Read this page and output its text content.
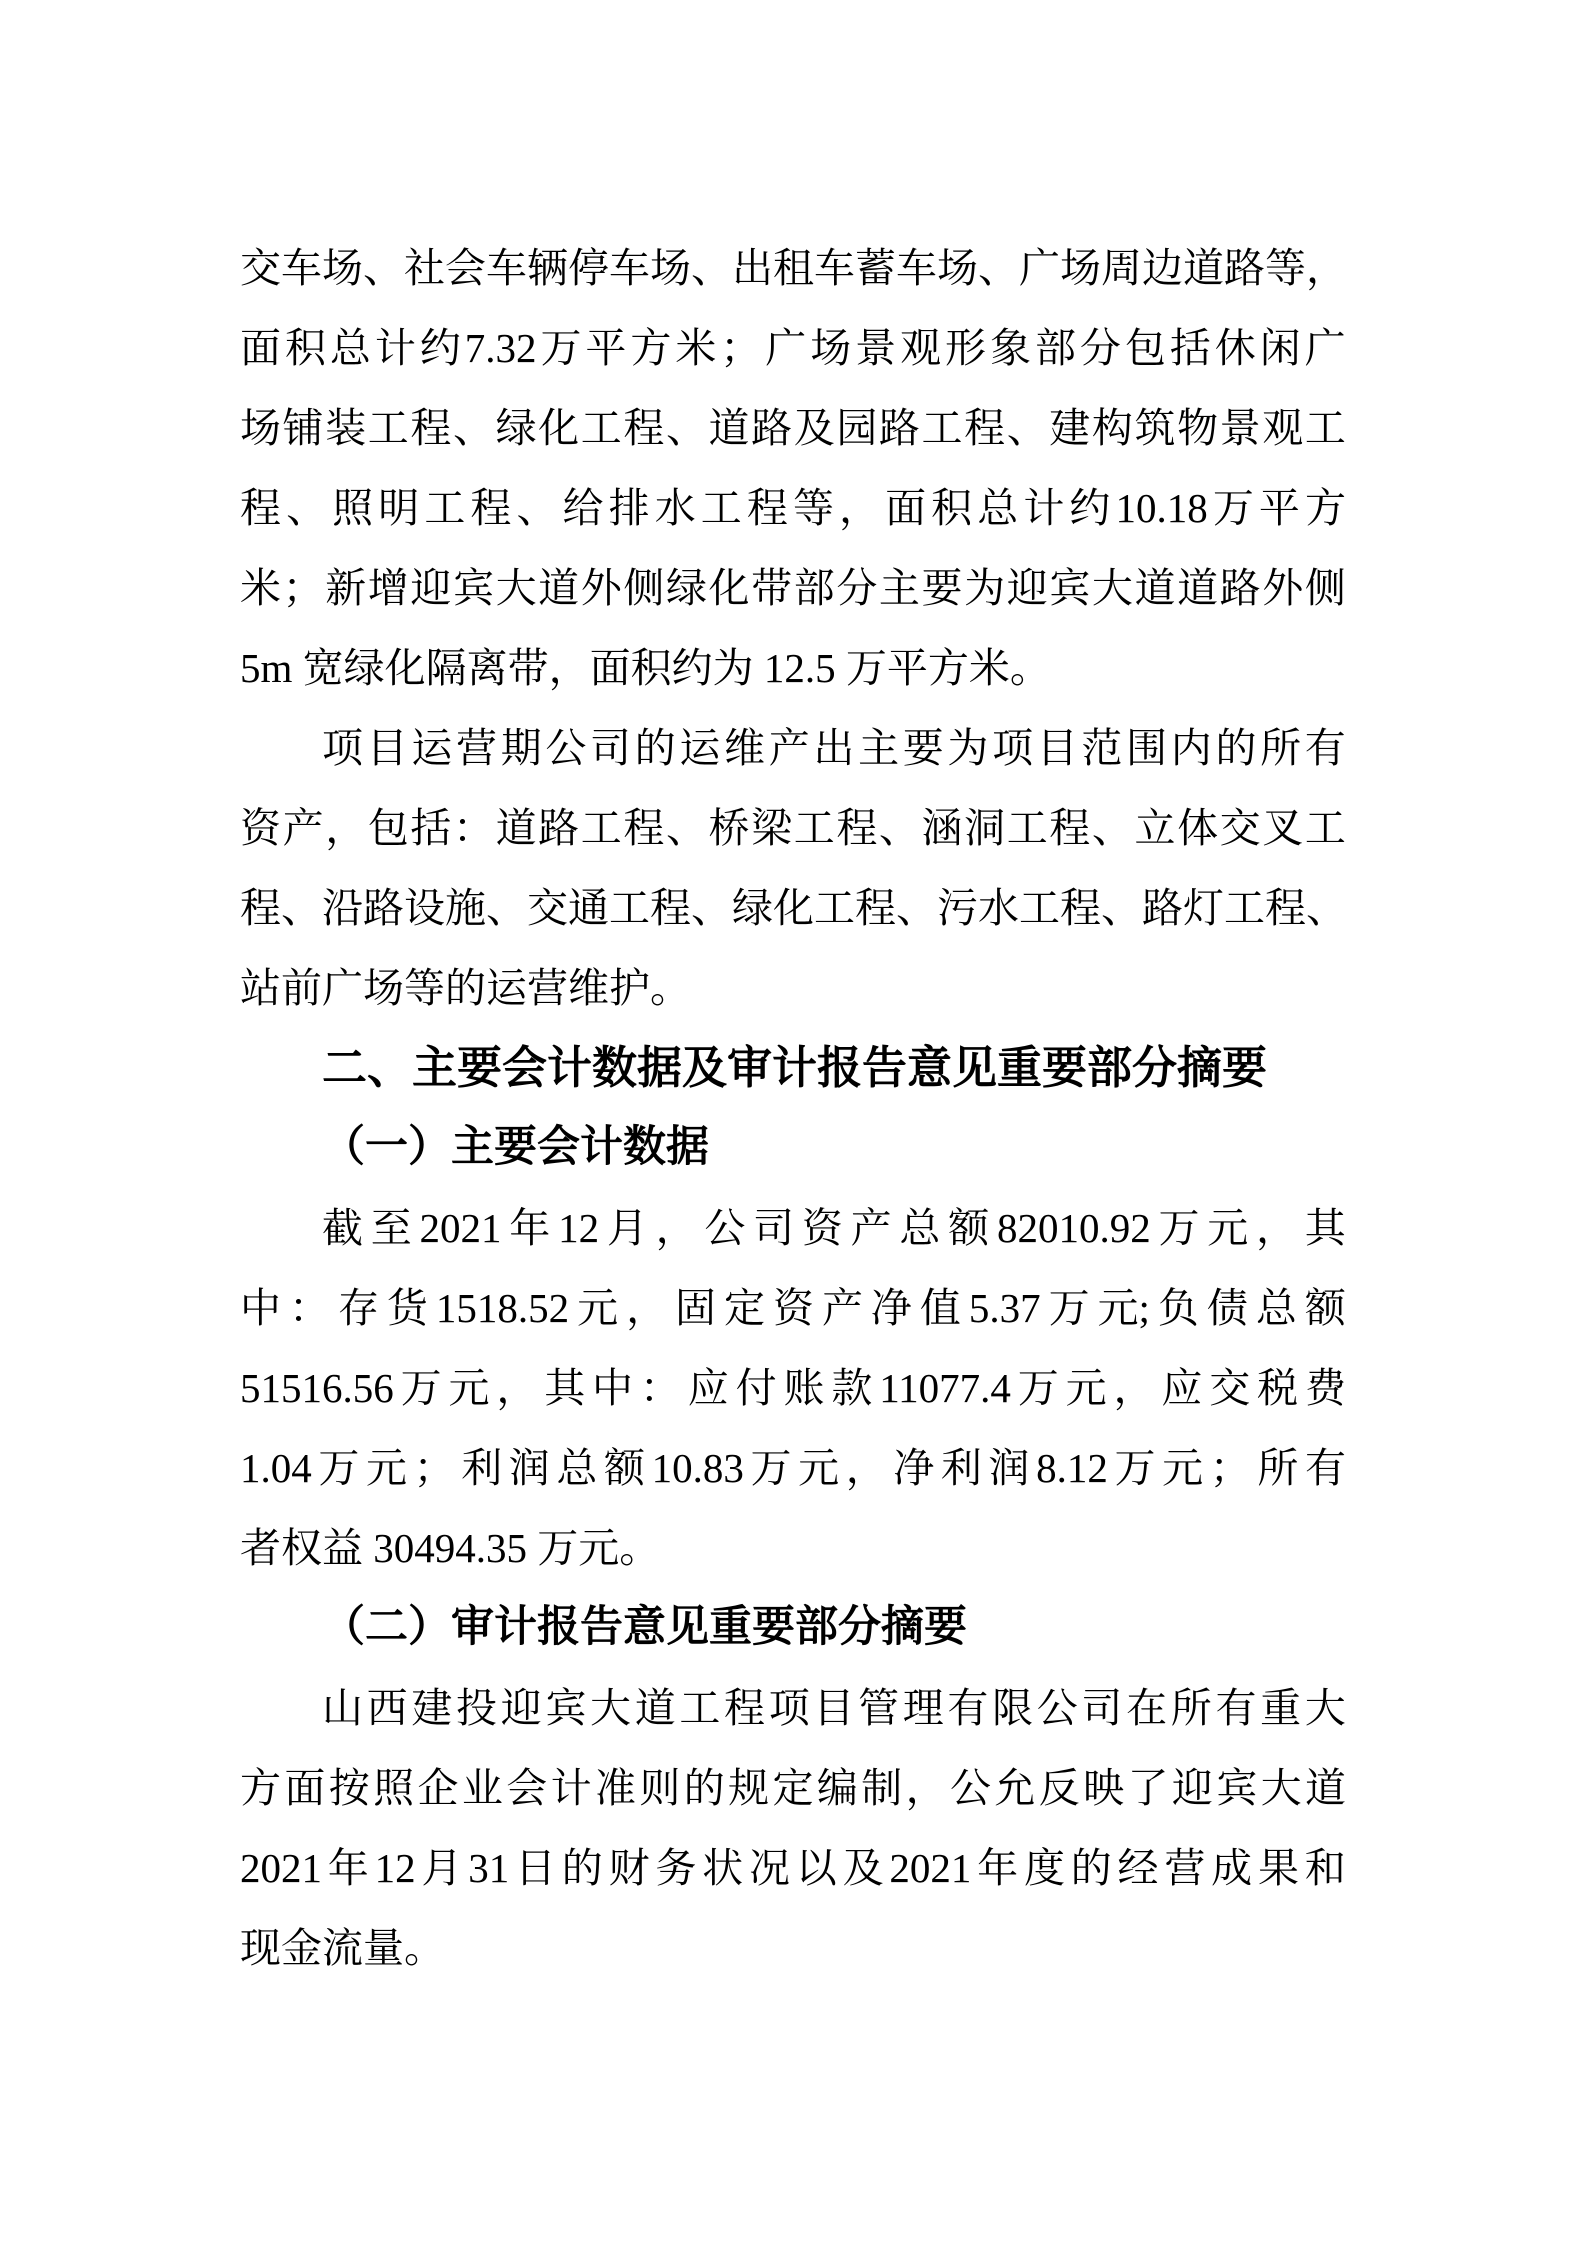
交 车 场 、 社 会 车 辆 停 车 场 、 出 租 车 蓄 车 场 、 广 场 周 边 道 路 等 ，
面 积 总 计 约 7.32 万 平 方 米 ； 广 场 景 观 形 象 部 分 包 括 休 闲 广
场 铺 装 工 程 、 绿 化 工 程 、 道 路 及 园 路 工 程 、 建 构 筑 物 景 观 工
程 、 照 明 工 程 、 给 排 水 工 程 等 ， 面 积 总 计 约 10.18 万 平 方
米 ； 新 增 迎 宾 大 道 外 侧 绿 化 带 部 分 主 要 为 迎 宾 大 道 道 路 外 侧
5m 宽绿化隔离带，面积约为 12.5 万平方米。
项 目 运 营 期 公 司 的 运 维 产 出 主 要 为 项 目 范 围 内 的 所 有
资 产 ， 包 括 ： 道 路 工 程 、 桥 梁 工 程 、 涵 洞 工 程 、 立 体 交 叉 工
程 、 沿 路 设 施 、 交 通 工 程 、 绿 化 工 程 、 污 水 工 程 、 路 灯 工 程 、
站前广场等的运营维护。
二、主要会计数据及审计报告意见重要部分摘要
（一）主要会计数据
截 至 2021 年 12 月 ， 公 司 资 产 总 额 82010.92 万 元 ， 其
中 ： 存 货 1518.52 元 ， 固 定 资 产 净 值 5.37 万 元; 负 债 总 额
51516.56 万 元 ， 其 中 ： 应 付 账 款 11077.4 万 元 ， 应 交 税 费
1.04 万 元 ； 利 润 总 额 10.83 万 元 ， 净 利 润 8.12 万 元 ； 所 有
者权益 30494.35 万元。
（二）审计报告意见重要部分摘要
山 西 建 投 迎 宾 大 道 工 程 项 目 管 理 有 限 公 司 在 所 有 重 大
方 面 按 照 企 业 会 计 准 则 的 规 定 编 制 ， 公 允 反 映 了 迎 宾 大 道
2021 年 12 月 31 日 的 财 务 状 况 以 及 2021 年 度 的 经 营 成 果 和
现金流量。
